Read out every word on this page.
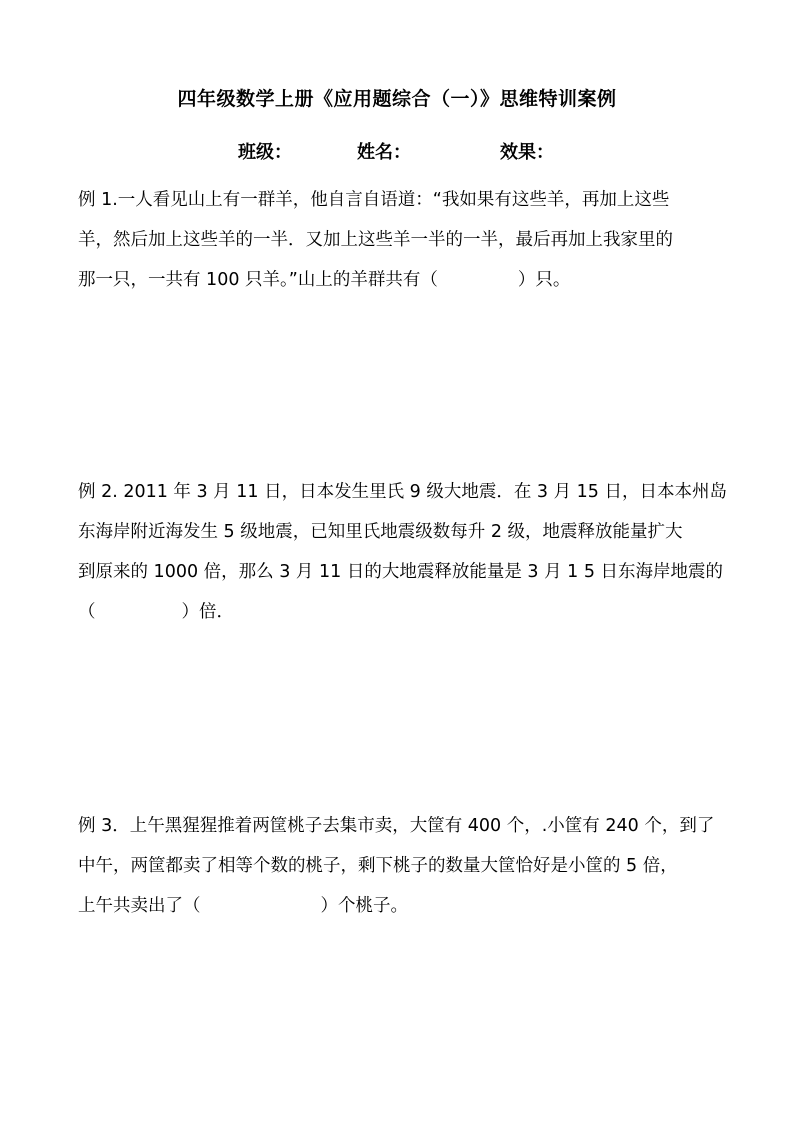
四年级数学上册《应用题综合（一）》思维特训案例
班级：	姓名：	效果：
例 1.一人看见山上有一群羊，他自言自语道：“我如果有这些羊，再加上这些
羊，然后加上这些羊的一半．又加上这些羊一半的一半，最后再加上我家里的
那一只，一共有 100 只羊。”山上的羊群共有（	）只。
例 2. 2011 年 3 月 11 日，日本发生里氏 9 级大地震．在 3 月 15 日，日本本州岛
东海岸附近海发生 5 级地震，已知里氏地震级数每升 2 级，地震释放能量扩大
到原来的 1000 倍，那么 3 月 11 日的大地震释放能量是 3 月 1 5 日东海岸地震的
（	）倍．
例 3．上午黑猩猩推着两筐桃子去集市卖，大筐有 400 个，.小筐有 240 个，到了
中午，两筐都卖了相等个数的桃子，剩下桃子的数量大筐恰好是小筐的 5 倍，
上午共卖出了（	）个桃子。
